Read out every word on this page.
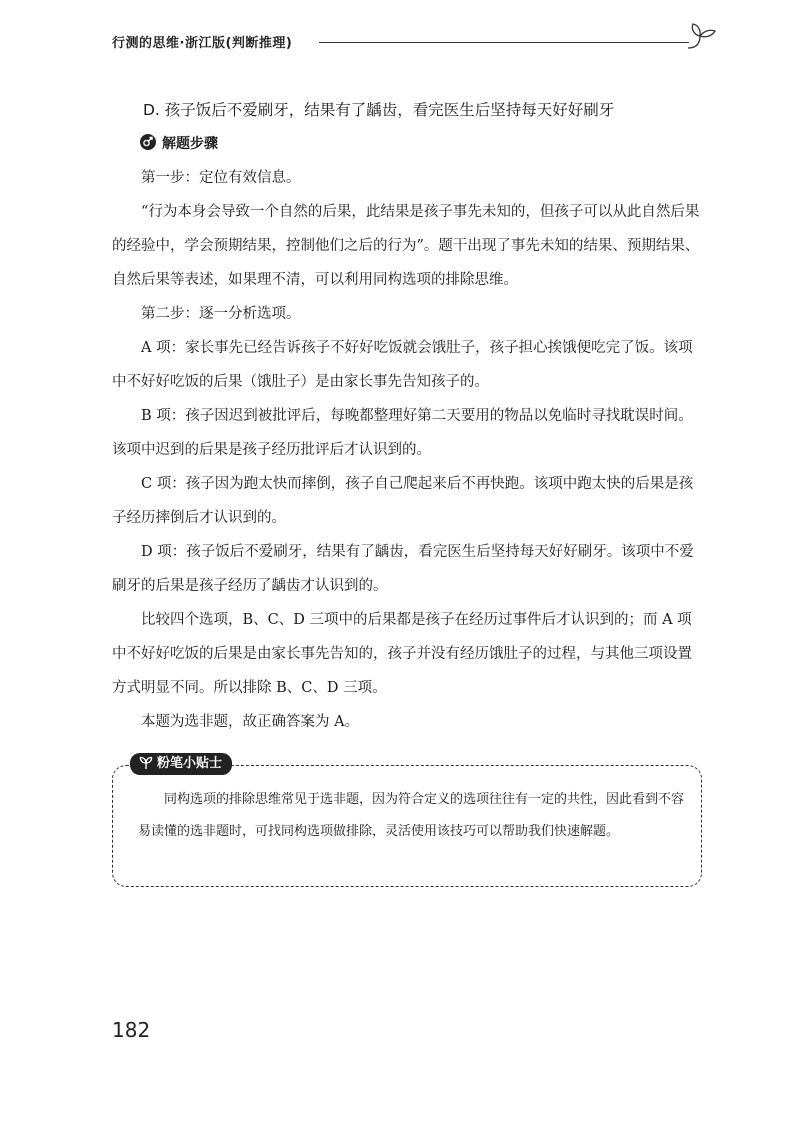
行测的思维·浙江版(判断推理)

D. 孩子饭后不爱刷牙，结果有了龋齿，看完医生后坚持每天好好刷牙

解题步骤

第一步：定位有效信息。

“行为本身会导致一个自然的后果，此结果是孩子事先未知的，但孩子可以从此自然后果的经验中，学会预期结果，控制他们之后的行为”。题干出现了事先未知的结果、预期结果、自然后果等表述，如果理不清，可以利用同构选项的排除思维。

第二步：逐一分析选项。

A 项：家长事先已经告诉孩子不好好吃饭就会饿肚子，孩子担心挨饿便吃完了饭。该项中不好好吃饭的后果（饿肚子）是由家长事先告知孩子的。

B 项：孩子因迟到被批评后，每晚都整理好第二天要用的物品以免临时寻找耽误时间。该项中迟到的后果是孩子经历批评后才认识到的。

C 项：孩子因为跑太快而摔倒，孩子自己爬起来后不再快跑。该项中跑太快的后果是孩子经历摔倒后才认识到的。

D 项：孩子饭后不爱刷牙，结果有了龋齿，看完医生后坚持每天好好刷牙。该项中不爱刷牙的后果是孩子经历了龋齿才认识到的。

比较四个选项，B、C、D 三项中的后果都是孩子在经历过事件后才认识到的；而 A 项中不好好吃饭的后果是由家长事先告知的，孩子并没有经历饿肚子的过程，与其他三项设置方式明显不同。所以排除 B、C、D 三项。

本题为选非题，故正确答案为 A。

粉笔小贴士

同构选项的排除思维常见于选非题，因为符合定义的选项往往有一定的共性，因此看到不容易读懂的选非题时，可找同构选项做排除，灵活使用该技巧可以帮助我们快速解题。

182
